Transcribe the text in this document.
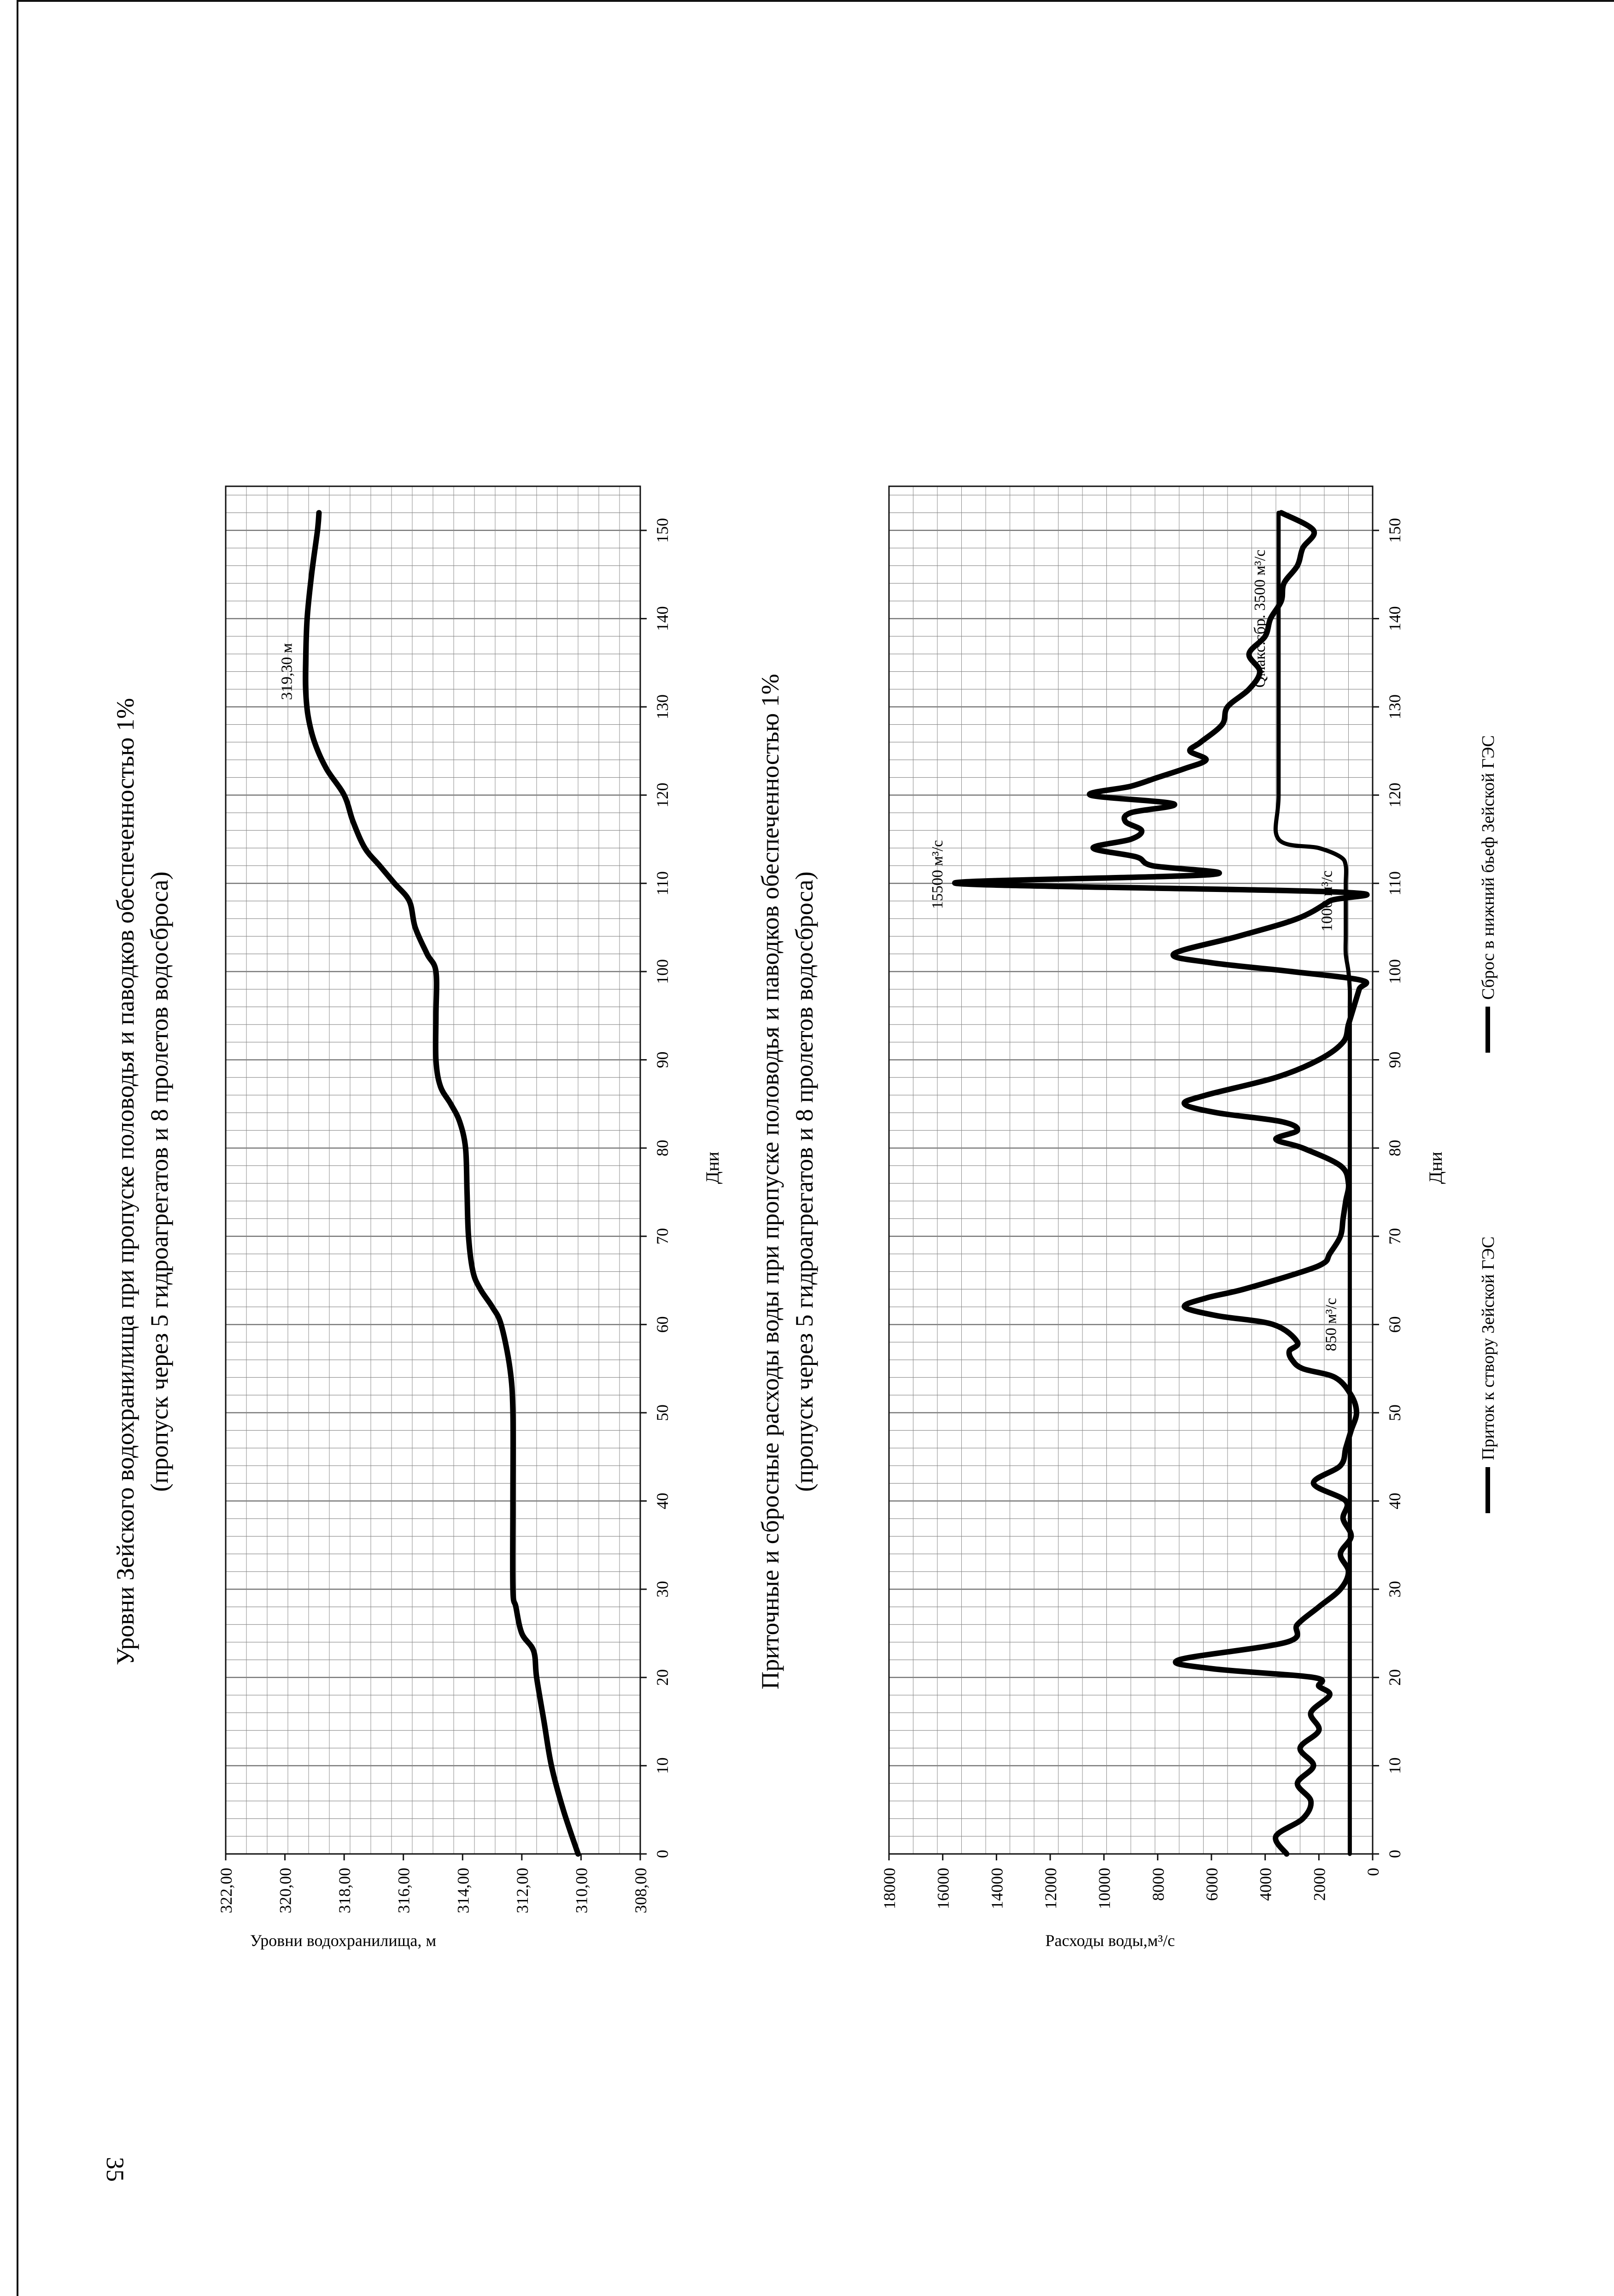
35
Уровни Зейского водохранилища при пропуске половодья и паводков обеспеченностью 1% (пропуск через 5 гидроагрегатов и 8 пролетов водосброса)
0
10
20
30
40
50
60
70
80
90
100
110
120
130
140
150
308,00
310,00
312,00
314,00
316,00
318,00
320,00
322,00
319,30 м
Дни
Уровни водохранилища, м
Приточные и сбросные расходы воды при пропуске половодья и паводков обеспеченностью 1% (пропуск через 5 гидроагрегатов и 8 пролетов водосброса)
0
10
20
30
40
50
60
70
80
90
100
110
120
130
140
150
0
2000
4000
6000
8000
10000
12000
14000
16000
18000
15500 м³/с
850 м³/с
1000 м³/с
Qмакс.сбр. 3500 м³/с
Дни
Расходы воды,м³/с
Приток к створу Зейской ГЭС
Сброс в нижний бьеф Зейской ГЭС
